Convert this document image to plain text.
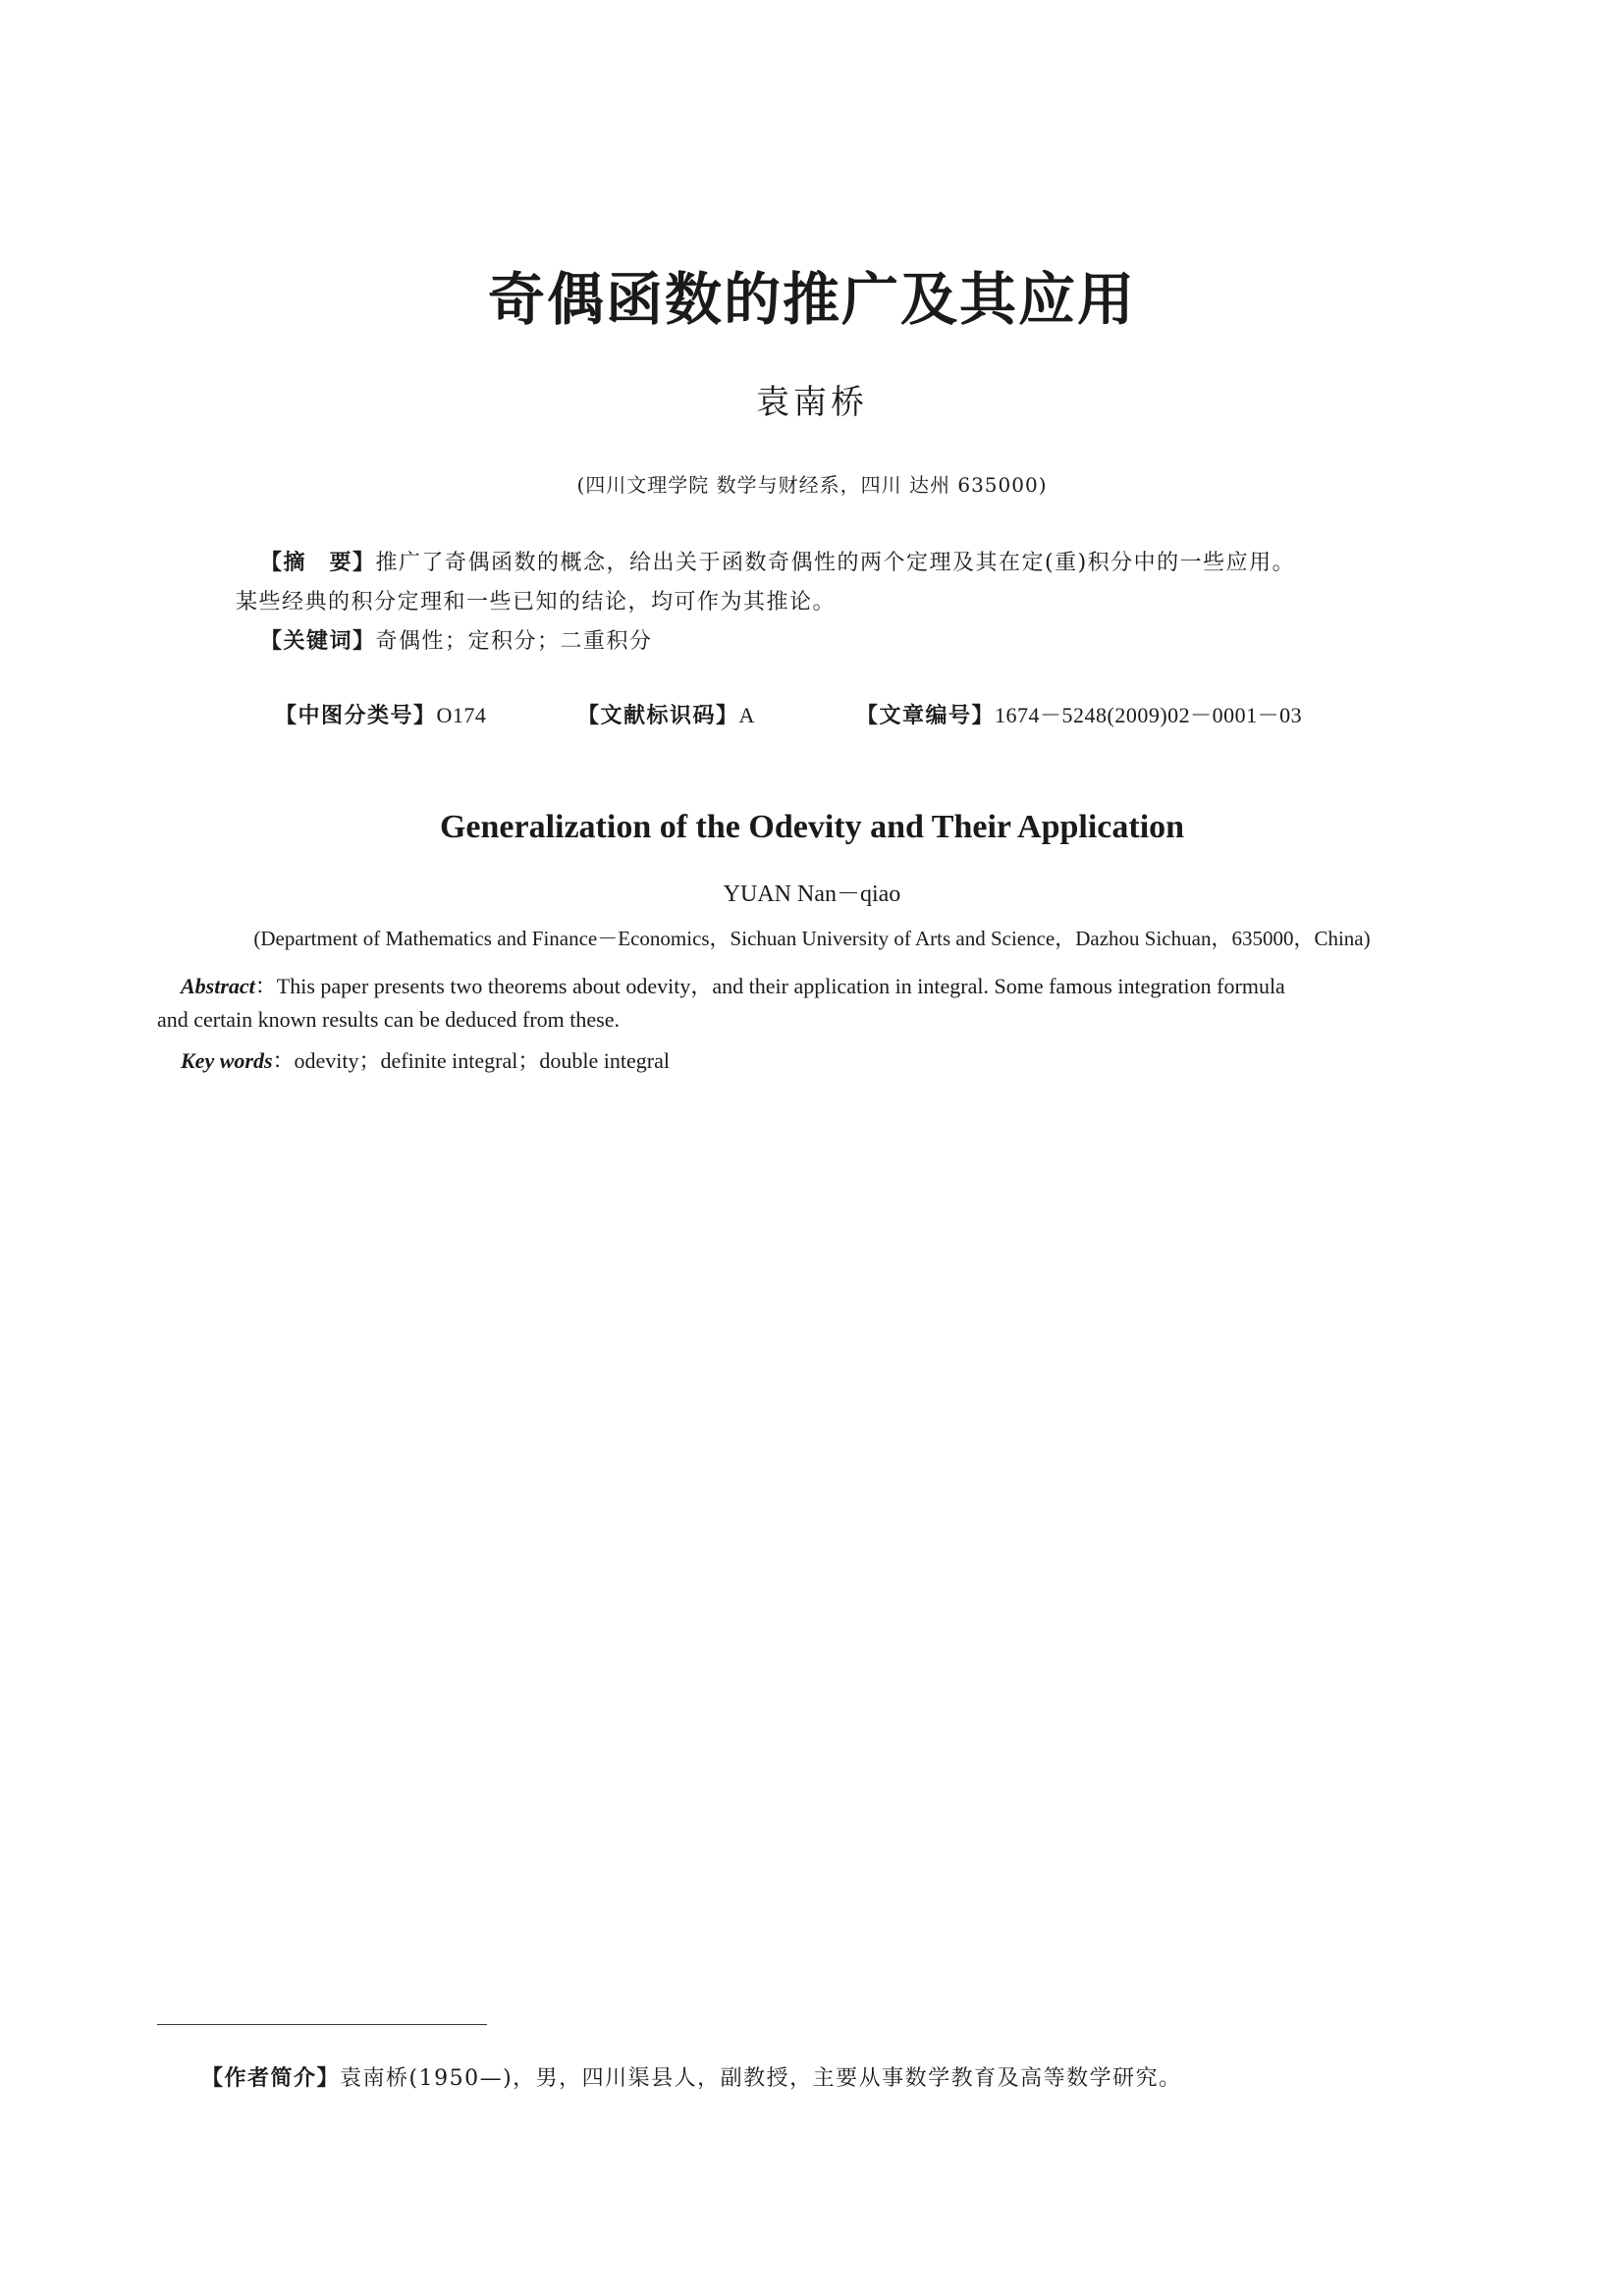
奇偶函数的推广及其应用
袁南桥
(四川文理学院 数学与财经系，四川 达州 635000)
【摘　要】推广了奇偶函数的概念，给出关于函数奇偶性的两个定理及其在定(重)积分中的一些应用。
某些经典的积分定理和一些已知的结论，均可作为其推论。
【关键词】奇偶性；定积分；二重积分
【中图分类号】O174	【文献标识码】A	【文章编号】1674－5248(2009)02－0001－03
Generalization of the Odevity and Their Application
YUAN Nan－qiao
(Department of Mathematics and Finance－Economics，Sichuan University of Arts and Science，Dazhou Sichuan，635000，China)
Abstract：This paper presents two theorems about odevity，and their application in integral. Some famous integration formula
and certain known results can be deduced from these.
Key words：odevity；definite integral；double integral
【作者简介】袁南桥(1950—)，男，四川渠县人，副教授，主要从事数学教育及高等数学研究。
